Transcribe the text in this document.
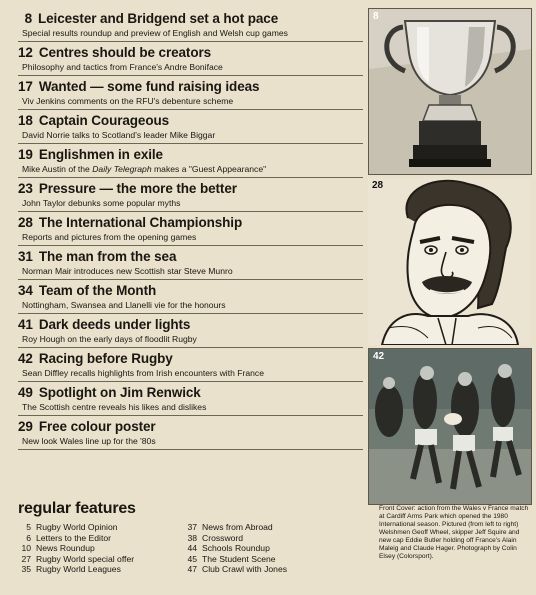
8 Leicester and Bridgend set a hot pace
Special results roundup and preview of English and Welsh cup games
12 Centres should be creators
Philosophy and tactics from France's Andre Boniface
17 Wanted — some fund raising ideas
Viv Jenkins comments on the RFU's debenture scheme
18 Captain Courageous
David Norrie talks to Scotland's leader Mike Biggar
19 Englishmen in exile
Mike Austin of the Daily Telegraph makes a "Guest Appearance"
23 Pressure — the more the better
John Taylor debunks some popular myths
28 The International Championship
Reports and pictures from the opening games
31 The man from the sea
Norman Mair introduces new Scottish star Steve Munro
34 Team of the Month
Nottingham, Swansea and Llanelli vie for the honours
41 Dark deeds under lights
Roy Hough on the early days of floodlit Rugby
42 Racing before Rugby
Sean Diffley recalls highlights from Irish encounters with France
49 Spotlight on Jim Renwick
The Scottish centre reveals his likes and dislikes
29 Free colour poster
New look Wales line up for the '80s
regular features
5 Rugby World Opinion
6 Letters to the Editor
10 News Roundup
27 Rugby World special offer
35 Rugby World Leagues
37 News from Abroad
38 Crossword
44 Schools Roundup
45 The Student Scene
47 Club Crawl with Jones
8
28
42
Front Cover: action from the Wales v France match at Cardiff Arms Park which opened the 1980 International season. Pictured (from left to right) Welshmen Geoff Wheel, skipper Jeff Squire and new cap Eddie Butler holding off France's Alain Maleig and Claude Hager. Photograph by Colin Elsey (Colorsport).
